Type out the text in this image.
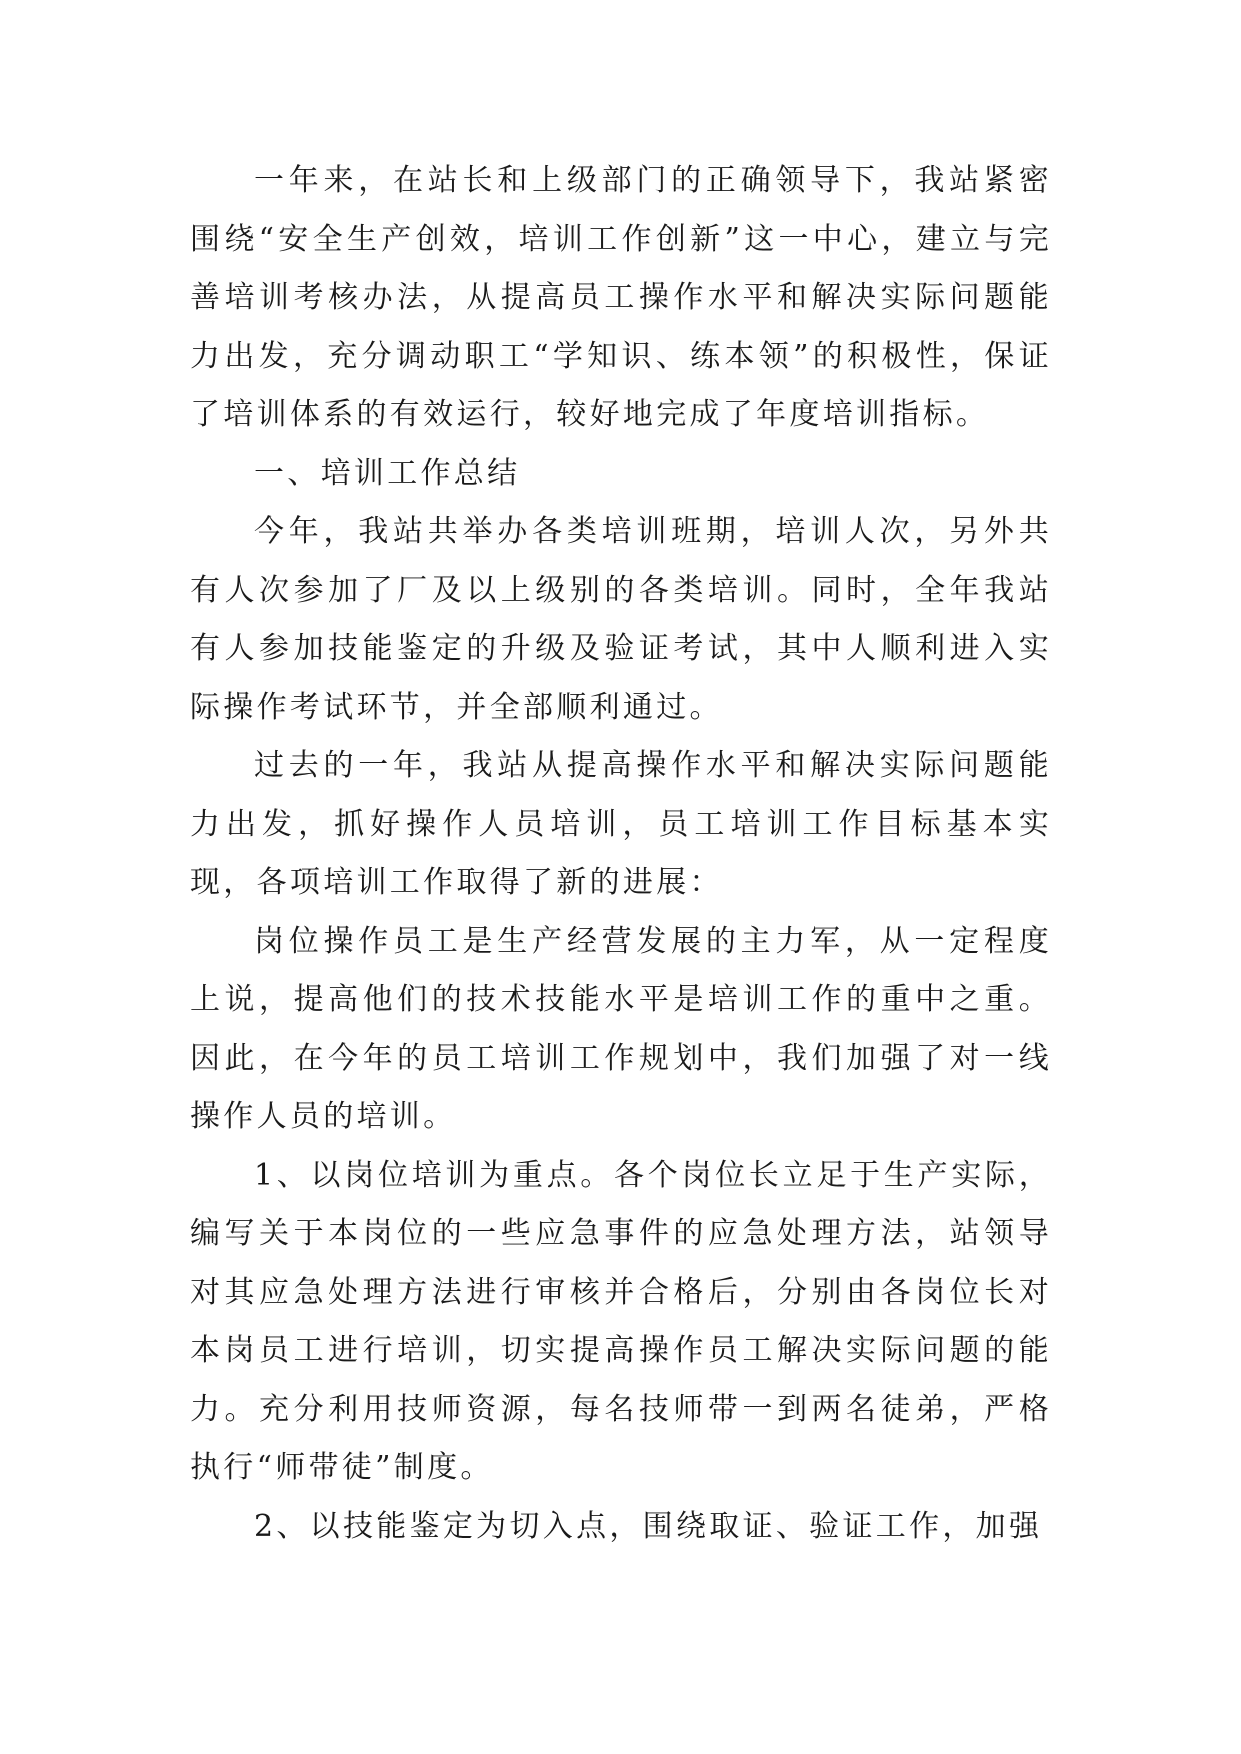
一年来，在站长和上级部门的正确领导下，我站紧密围绕“安全生产创效，培训工作创新”这一中心，建立与完善培训考核办法，从提高员工操作水平和解决实际问题能力出发，充分调动职工“学知识、练本领”的积极性，保证了培训体系的有效运行，较好地完成了年度培训指标。

一、培训工作总结

今年，我站共举办各类培训班期，培训人次，另外共有人次参加了厂及以上级别的各类培训。同时，全年我站有人参加技能鉴定的升级及验证考试，其中人顺利进入实际操作考试环节，并全部顺利通过。

过去的一年，我站从提高操作水平和解决实际问题能力出发，抓好操作人员培训，员工培训工作目标基本实现，各项培训工作取得了新的进展：

岗位操作员工是生产经营发展的主力军，从一定程度上说，提高他们的技术技能水平是培训工作的重中之重。因此，在今年的员工培训工作规划中，我们加强了对一线操作人员的培训。

1、以岗位培训为重点。各个岗位长立足于生产实际，编写关于本岗位的一些应急事件的应急处理方法，站领导对其应急处理方法进行审核并合格后，分别由各岗位长对本岗员工进行培训，切实提高操作员工解决实际问题的能力。充分利用技师资源，每名技师带一到两名徒弟，严格执行“师带徒”制度。

2、以技能鉴定为切入点，围绕取证、验证工作，加强
